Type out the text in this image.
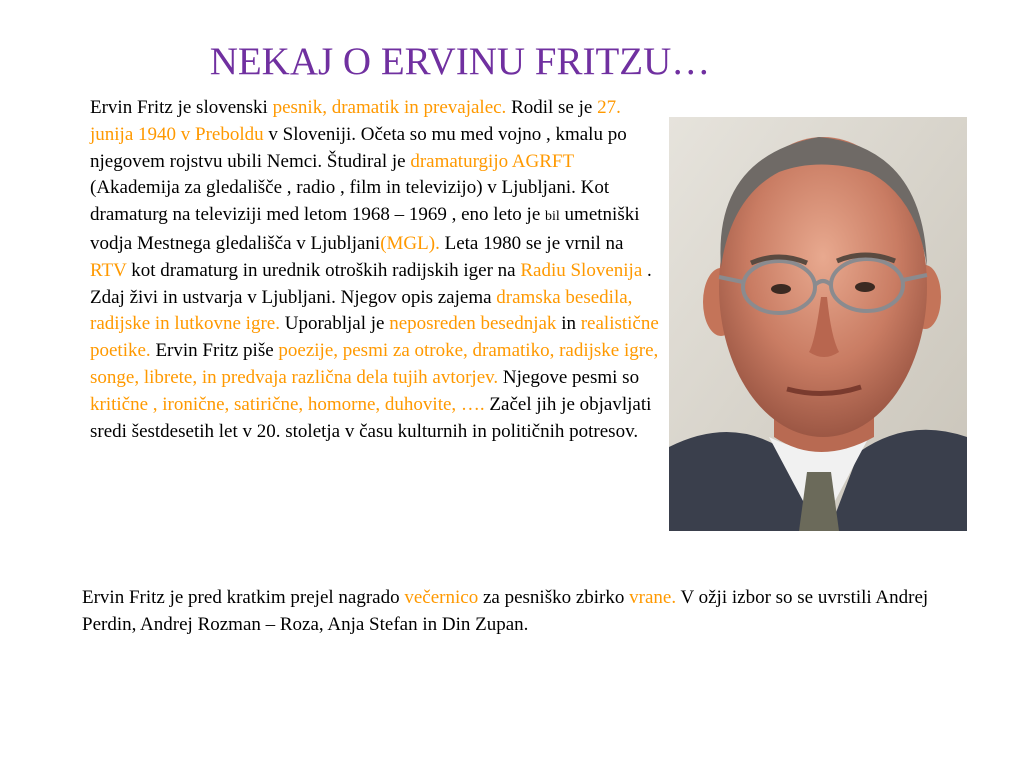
NEKAJ O ERVINU FRITZU…
Ervin Fritz je slovenski pesnik, dramatik in prevajalec. Rodil se je 27. junija 1940 v Preboldu v Sloveniji. Očeta so mu med vojno , kmalu po njegovem rojstvu ubili Nemci. Študiral je dramaturgijo AGRFT (Akademija za gledališče , radio , film in televizijo) v Ljubljani. Kot dramaturg na televiziji med letom 1968 – 1969 , eno leto je bil umetniški vodja Mestnega gledališča v Ljubljani(MGL). Leta 1980 se je vrnil na RTV kot dramaturg in urednik otroških radijskih iger na Radiu Slovenija . Zdaj živi in ustvarja v Ljubljani. Njegov opis zajema dramska besedila, radijske in lutkovne igre. Uporabljal je neposreden besednjak in realistične poetike. Ervin Fritz piše poezije, pesmi za otroke, dramatiko, radijske igre, songe, librete, in predvaja različna dela tujih avtorjev. Njegove pesmi so kritične , ironične, satirične, homorne, duhovite, …. Začel jih je objavljati sredi šestdesetih let v 20. stoletja v času kulturnih in političnih potresov.
Ervin Fritz je pred kratkim prejel nagrado večernico za pesniško zbirko vrane. V ožji izbor so se uvrstili Andrej Perdin, Andrej Rozman – Roza, Anja Stefan in Din Zupan.
